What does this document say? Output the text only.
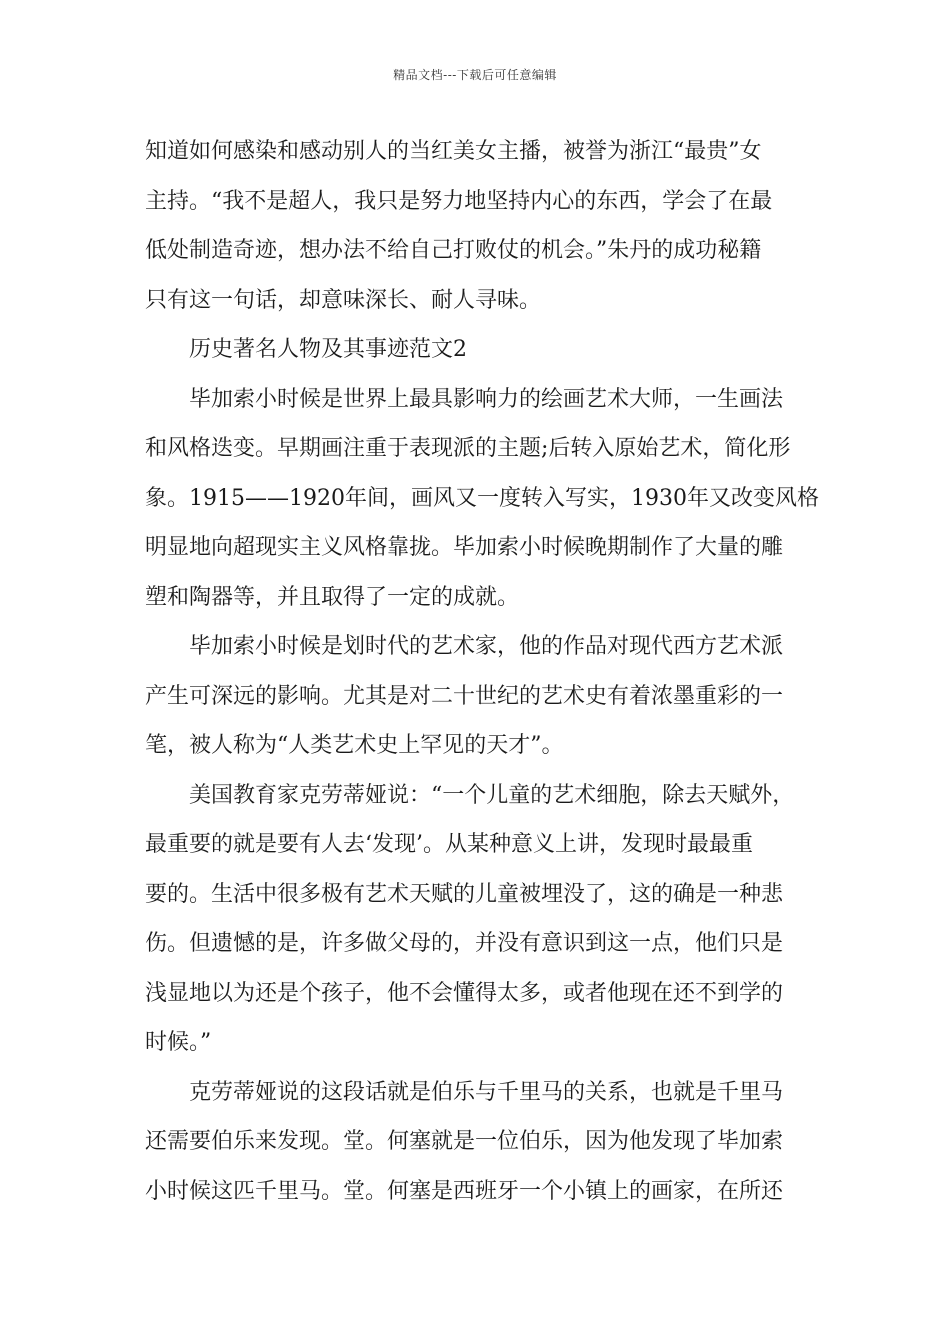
精品文档---下载后可任意编辑
知道如何感染和感动别人的当红美女主播，被誉为浙江“最贵”女
主持。“我不是超人，我只是努力地坚持内心的东西，学会了在最
低处制造奇迹，想办法不给自己打败仗的机会。”朱丹的成功秘籍
只有这一句话，却意味深长、耐人寻味。
历史著名人物及其事迹范文2
毕加索小时候是世界上最具影响力的绘画艺术大师，一生画法
和风格迭变。早期画注重于表现派的主题;后转入原始艺术，简化形
象。1915——1920年间，画风又一度转入写实，1930年又改变风格
明显地向超现实主义风格靠拢。毕加索小时候晚期制作了大量的雕
塑和陶器等，并且取得了一定的成就。
毕加索小时候是划时代的艺术家，他的作品对现代西方艺术派
产生可深远的影响。尤其是对二十世纪的艺术史有着浓墨重彩的一
笔，被人称为“人类艺术史上罕见的天才”。
美国教育家克劳蒂娅说：“一个儿童的艺术细胞，除去天赋外，
最重要的就是要有人去‘发现’。从某种意义上讲，发现时最最重
要的。生活中很多极有艺术天赋的儿童被埋没了，这的确是一种悲
伤。但遗憾的是，许多做父母的，并没有意识到这一点，他们只是
浅显地以为还是个孩子，他不会懂得太多，或者他现在还不到学的
时候。”
克劳蒂娅说的这段话就是伯乐与千里马的关系，也就是千里马
还需要伯乐来发现。堂。何塞就是一位伯乐，因为他发现了毕加索
小时候这匹千里马。堂。何塞是西班牙一个小镇上的画家，在所还
